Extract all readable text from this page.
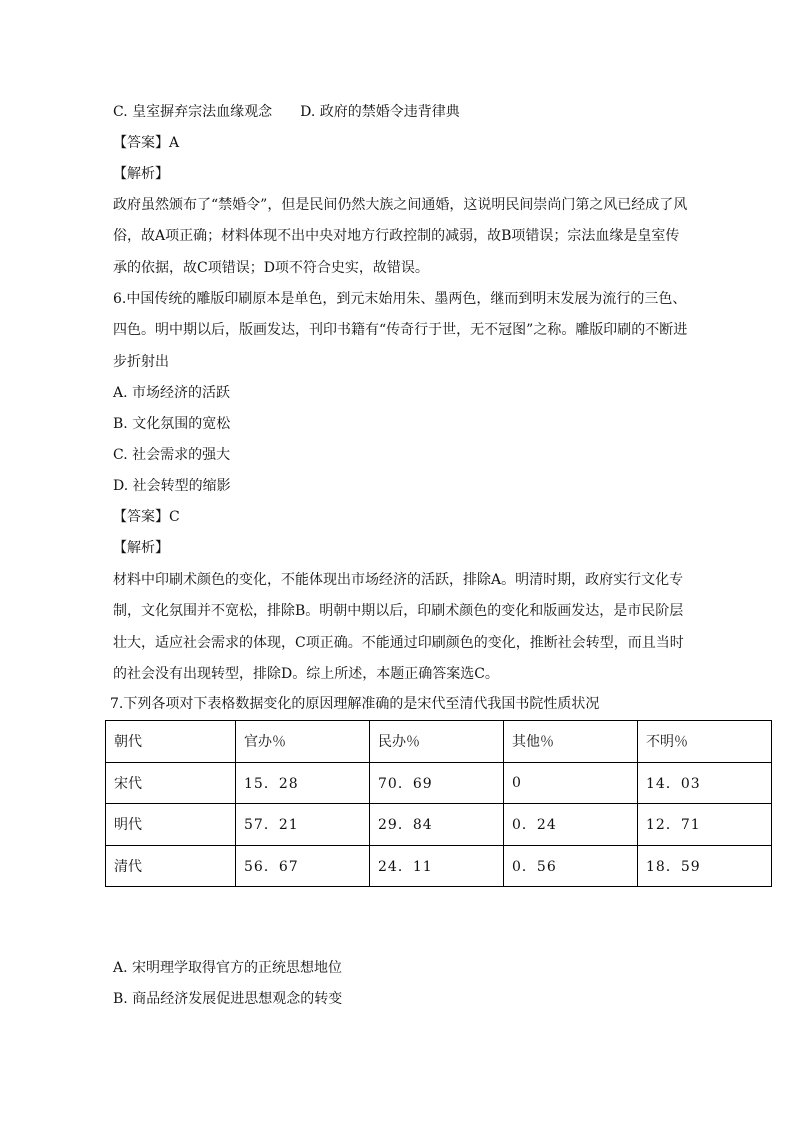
C. 皇室摒弃宗法血缘观念 D. 政府的禁婚令违背律典
【答案】A
【解析】
政府虽然颁布了“禁婚令”，但是民间仍然大族之间通婚，这说明民间崇尚门第之风已经成了风俗，故A项正确；材料体现不出中央对地方行政控制的减弱，故B项错误；宗法血缘是皇室传承的依据，故C项错误；D项不符合史实，故错误。
6.中国传统的雕版印刷原本是单色，到元末始用朱、墨两色，继而到明末发展为流行的三色、四色。明中期以后，版画发达，刊印书籍有“传奇行于世，无不冠图”之称。雕版印刷的不断进步折射出
A. 市场经济的活跃
B. 文化氛围的宽松
C. 社会需求的强大
D. 社会转型的缩影
【答案】C
【解析】
材料中印刷术颜色的变化，不能体现出市场经济的活跃，排除A。明清时期，政府实行文化专制，文化氛围并不宽松，排除B。明朝中期以后，印刷术颜色的变化和版画发达，是市民阶层壮大，适应社会需求的体现，C项正确。不能通过印刷颜色的变化，推断社会转型，而且当时的社会没有出现转型，排除D。综上所述，本题正确答案选C。
7.下列各项对下表格数据变化的原因理解准确的是宋代至清代我国书院性质状况
朝代	官办％	民办％	其他％	不明％
宋代	15．28	70．69	0	14．03
明代	57．21	29．84	0．24	12．71
清代	56．67	24．11	0．56	18．59
A. 宋明理学取得官方的正统思想地位
B. 商品经济发展促进思想观念的转变
